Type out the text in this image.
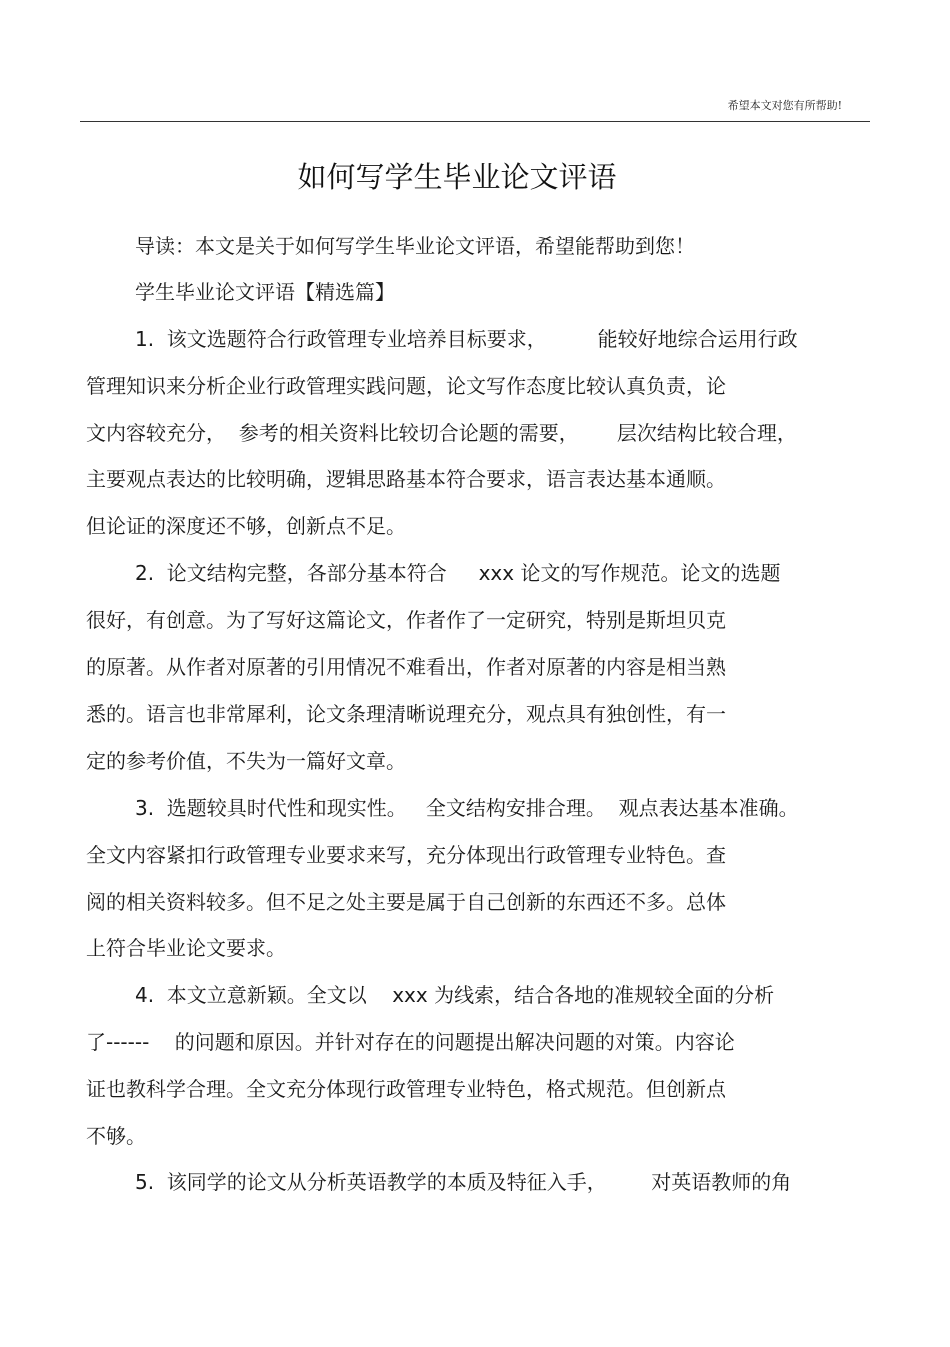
希望本文对您有所帮助!
如何写学生毕业论文评语
导读：本文是关于如何写学生毕业论文评语，希望能帮助到您！
学生毕业论文评语【精选篇】
1.  该文选题符合行政管理专业培养目标要求，        能较好地综合运用行政
管理知识来分析企业行政管理实践问题，论文写作态度比较认真负责，论
文内容较充分，  参考的相关资料比较切合论题的需要，      层次结构比较合理，
主要观点表达的比较明确，逻辑思路基本符合要求，语言表达基本通顺。
但论证的深度还不够，创新点不足。
2.  论文结构完整，各部分基本符合     xxx 论文的写作规范。论文的选题
很好，有创意。为了写好这篇论文，作者作了一定研究，特别是斯坦贝克
的原著。从作者对原著的引用情况不难看出，作者对原著的内容是相当熟
悉的。语言也非常犀利，论文条理清晰说理充分，观点具有独创性，有一
定的参考价值，不失为一篇好文章。
3.  选题较具时代性和现实性。   全文结构安排合理。  观点表达基本准确。
全文内容紧扣行政管理专业要求来写，充分体现出行政管理专业特色。查
阅的相关资料较多。但不足之处主要是属于自己创新的东西还不多。总体
上符合毕业论文要求。
4.  本文立意新颖。全文以    xxx 为线索，结合各地的准规较全面的分析
了------    的问题和原因。并针对存在的问题提出解决问题的对策。内容论
证也教科学合理。全文充分体现行政管理专业特色，格式规范。但创新点
不够。
5.  该同学的论文从分析英语教学的本质及特征入手，       对英语教师的角
